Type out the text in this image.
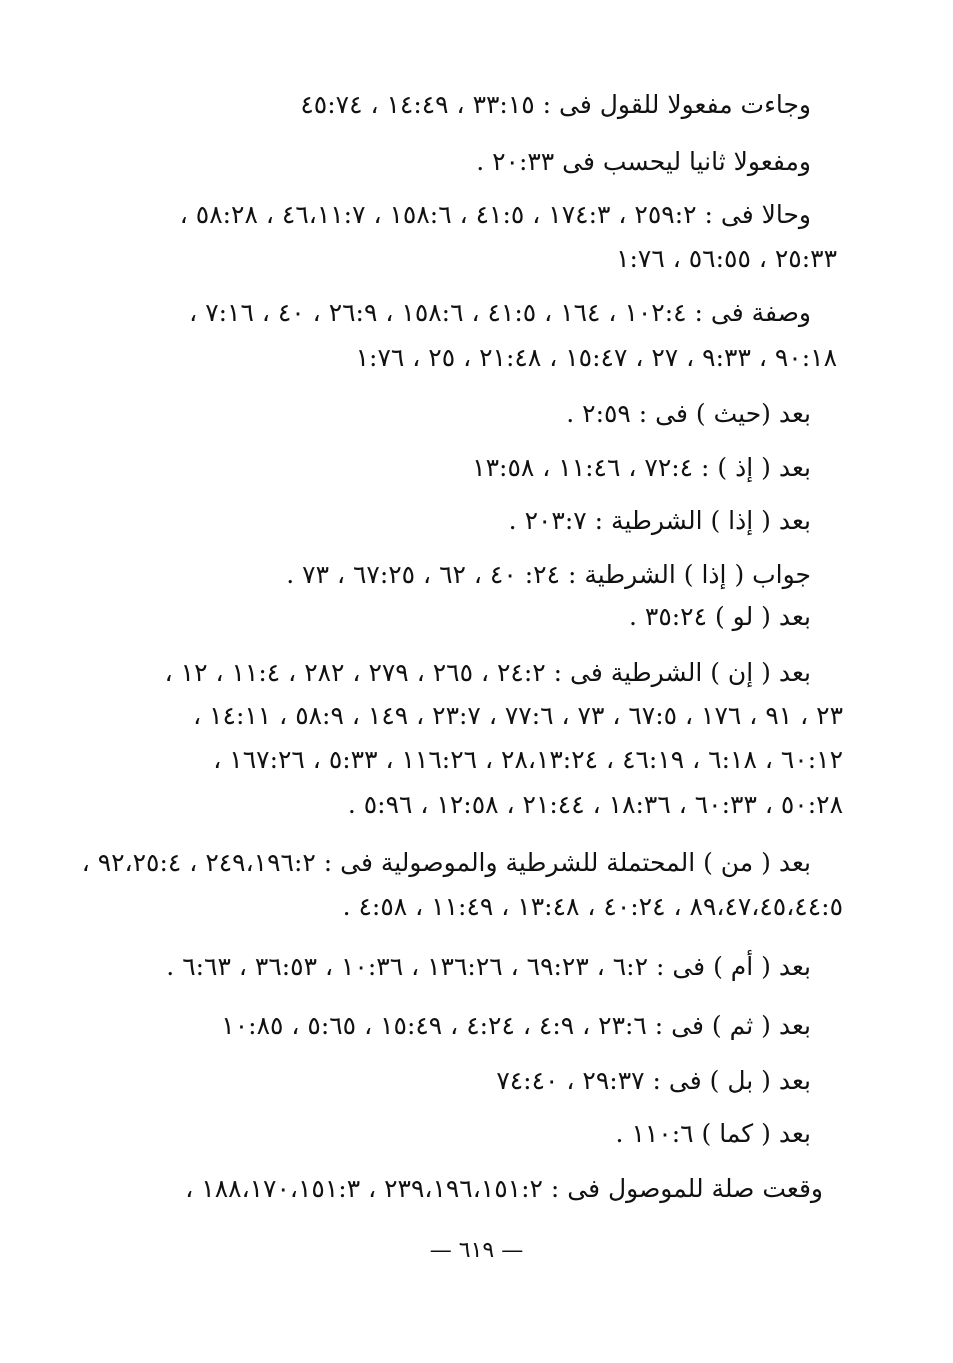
وجاءت مفعولا للقول فى : ٣٣:١٥ ، ١٤:٤٩ ، ٤٥:٧٤
ومفعولا ثانيا ليحسب فى ٢٠:٣٣ .
وحالا فى : ٢٥٩:٢ ، ١٧٤:٣ ، ٤١:٥ ، ١٥٨:٦ ، ٤٦،١١:٧ ، ٥٨:٢٨ ،
٢٥:٣٣ ، ٥٦:٥٥ ، ١:٧٦
وصفة فى : ١٠٢:٤ ، ١٦٤ ، ٤١:٥ ، ١٥٨:٦ ، ٢٦:٩ ، ٤٠ ، ٧:١٦ ،
٩٠:١٨ ، ٩:٣٣ ، ٢٧ ، ١٥:٤٧ ، ٢١:٤٨ ، ٢٥ ، ١:٧٦
بعد (حيث ) فى : ٢:٥٩ .
بعد ( إذ ) : ٧٢:٤ ، ١١:٤٦ ، ١٣:٥٨
بعد ( إذا ) الشرطية : ٢٠٣:٧ .
جواب ( إذا ) الشرطية : ٢٤: ٤٠ ، ٦٢ ، ٦٧:٢٥ ، ٧٣ .
بعد ( لو ) ٣٥:٢٤ .
بعد ( إن ) الشرطية فى : ٢٤:٢ ، ٢٦٥ ، ٢٧٩ ، ٢٨٢ ، ١١:٤ ، ١٢ ،
٢٣ ، ٩١ ، ١٧٦ ، ٦٧:٥ ، ٧٣ ، ٧٧:٦ ، ٢٣:٧ ، ١٤٩ ، ٥٨:٩ ، ١٤:١١ ،
٦٠:١٢ ، ٦:١٨ ، ٤٦:١٩ ، ٢٨،١٣:٢٤ ، ١١٦:٢٦ ، ٥:٣٣ ، ١٦٧:٢٦ ،
٥٠:٢٨ ، ٦٠:٣٣ ، ١٨:٣٦ ، ٢١:٤٤ ، ١٢:٥٨ ، ٥:٩٦ .
بعد ( من ) المحتملة للشرطية والموصولية فى : ٢٤٩،١٩٦:٢ ، ٩٢،٢٥:٤ ،
٨٩،٤٧،٤٥،٤٤:٥ ، ٤٠:٢٤ ، ١٣:٤٨ ، ١١:٤٩ ، ٤:٥٨ .
بعد ( أم ) فى : ٦:٢ ، ٦٩:٢٣ ، ١٣٦:٢٦ ، ١٠:٣٦ ، ٣٦:٥٣ ، ٦:٦٣ .
بعد ( ثم ) فى : ٢٣:٦ ، ٤:٩ ، ٤:٢٤ ، ١٥:٤٩ ، ٥:٦٥ ، ١٠:٨٥
بعد ( بل ) فى : ٢٩:٣٧ ، ٧٤:٤٠
بعد ( كما ) ١١٠:٦ .
وقعت صلة للموصول فى : ٢٣٩،١٩٦،١٥١:٢ ، ١٨٨،١٧٠،١٥١:٣ ،
— ٦١٩ —
